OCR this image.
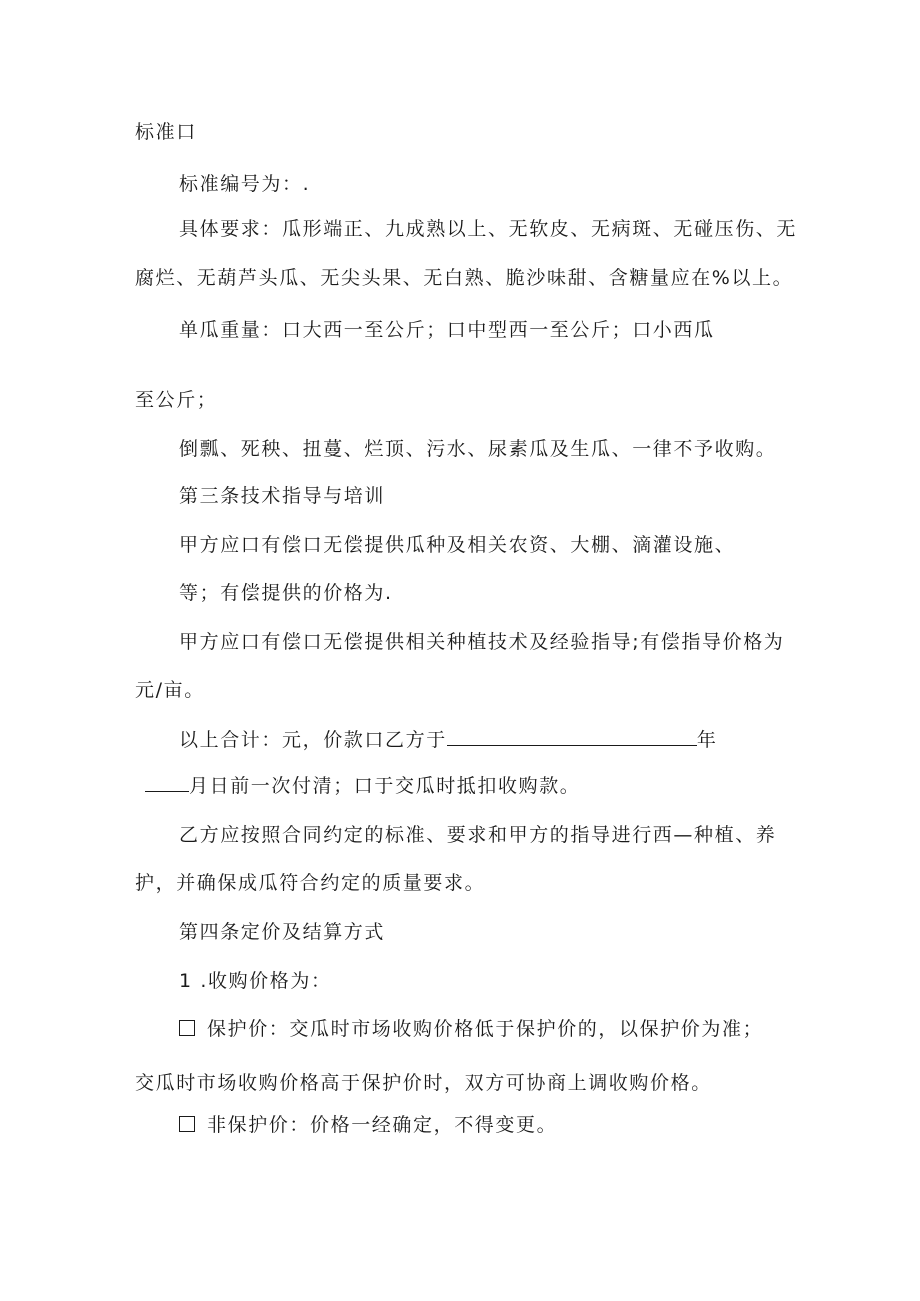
标准口
标准编号为：.
具体要求：瓜形端正、九成熟以上、无软皮、无病斑、无碰压伤、无
腐烂、无葫芦头瓜、无尖头果、无白熟、脆沙味甜、含糖量应在%以上。
单瓜重量：口大西一至公斤；口中型西一至公斤；口小西瓜
至公斤；
倒瓢、死秧、扭蔓、烂顶、污水、尿素瓜及生瓜、一律不予收购。
第三条技术指导与培训
甲方应口有偿口无偿提供瓜种及相关农资、大棚、滴灌设施、
等；有偿提供的价格为.
甲方应口有偿口无偿提供相关种植技术及经验指导;有偿指导价格为
元/亩。
以上合计：元，价款口乙方于	年
月日前一次付清；口于交瓜时抵扣收购款。
乙方应按照合同约定的标准、要求和甲方的指导进行西—种植、养
护，并确保成瓜符合约定的质量要求。
第四条定价及结算方式
1 .收购价格为：
保护价：交瓜时市场收购价格低于保护价的，以保护价为准；
交瓜时市场收购价格高于保护价时，双方可协商上调收购价格。
非保护价：价格一经确定，不得变更。
